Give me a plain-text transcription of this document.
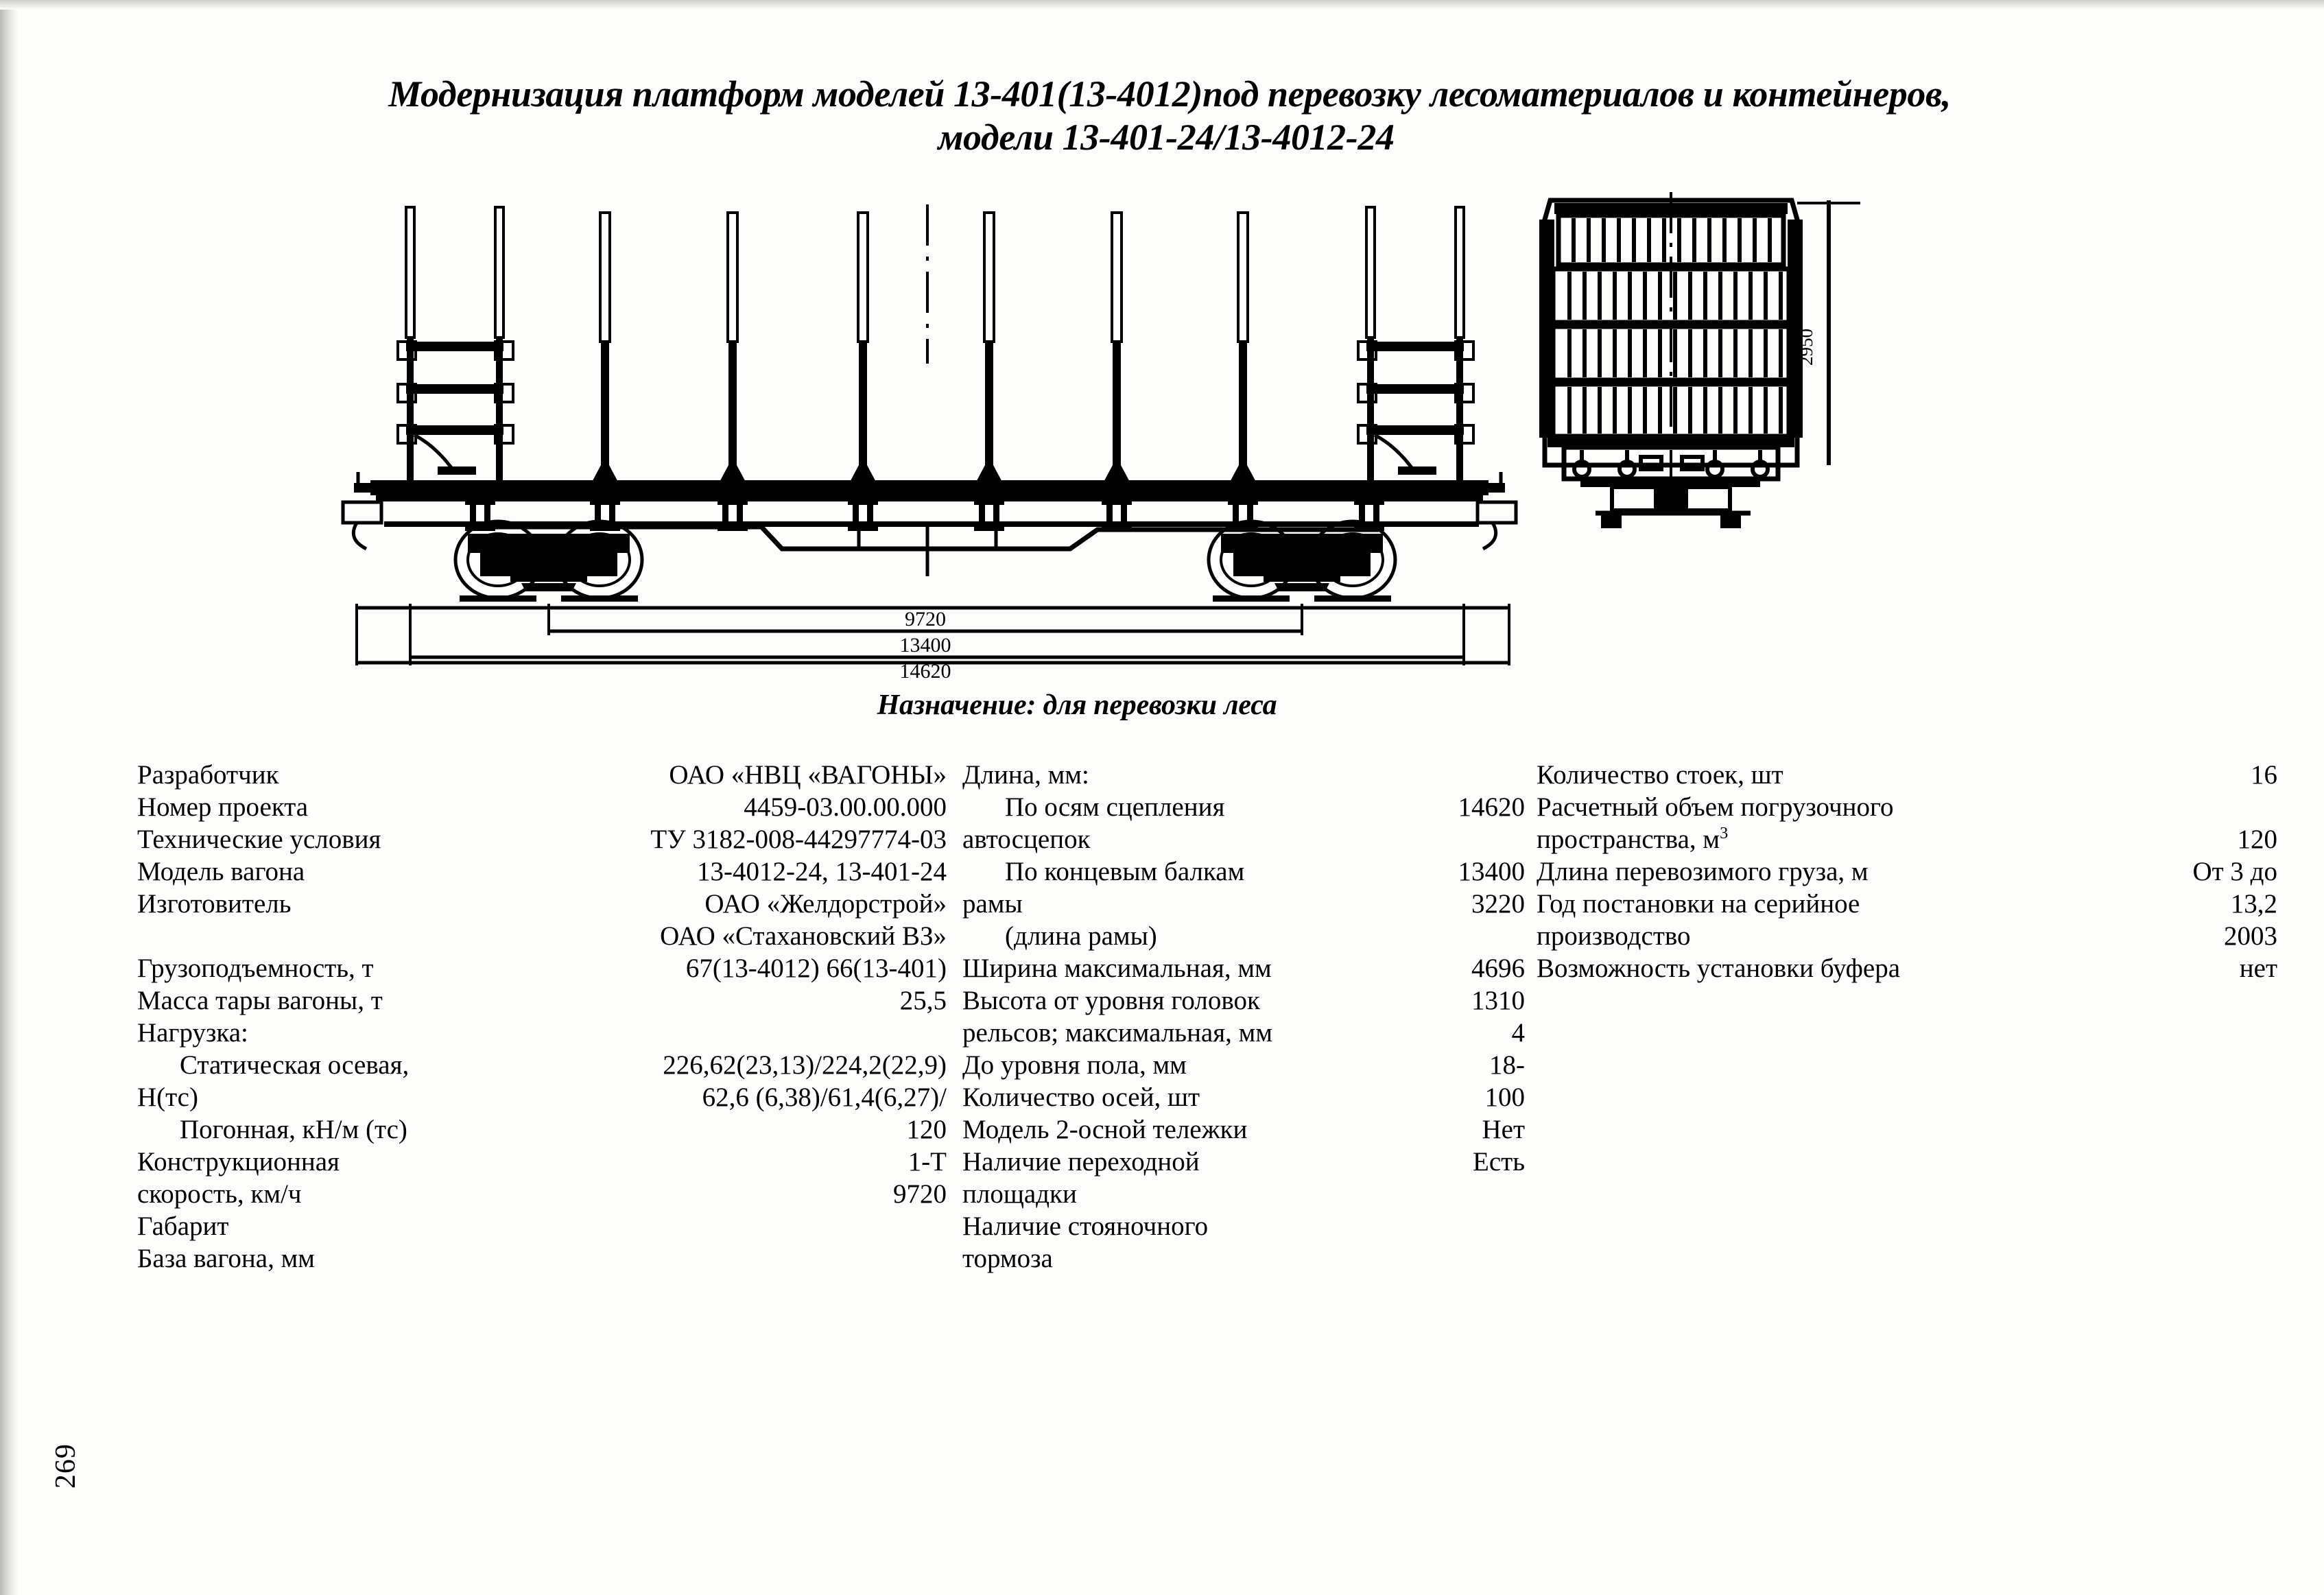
269
Модернизация платформ моделей 13-401(13-4012)под перевозку лесоматериалов и контейнеров,
модели 13-401-24/13-4012-24
9720
13400
14620
2950
Назначение: для перевозки леса
Разработчик	ОАО «НВЦ «ВАГОНЫ»
Номер проекта	4459-03.00.00.000
Технические условия	ТУ 3182-008-44297774-03
Модель вагона	13-4012-24, 13-401-24
Изготовитель	ОАО «Желдорстрой»
ОАО «Стахановский ВЗ»
Грузоподъемность, т	67(13-4012) 66(13-401)
Масса тары вагоны, т	25,5
Нагрузка:
Статическая осевая,	226,62(23,13)/224,2(22,9)
Н(тс)	62,6 (6,38)/61,4(6,27)/
Погонная, кН/м (тс)	120
Конструкционная	1-Т
скорость, км/ч	9720
Габарит
База вагона, мм
Длина, мм:
По осям сцепления	14620
автосцепок
По концевым балкам	13400
рамы	3220
(длина рамы)
Ширина максимальная, мм	4696
Высота от уровня головок	1310
рельсов; максимальная, мм	4
До уровня пола, мм	18-
Количество осей, шт	100
Модель 2-осной тележки	Нет
Наличие переходной	Есть
площадки
Наличие стояночного
тормоза
Количество стоек, шт	16
Расчетный объем погрузочного
пространства, $м^3$	120
Длина перевозимого груза, м	От 3 до
Год постановки на серийное	13,2
производство	2003
Возможность установки буфера	нет
